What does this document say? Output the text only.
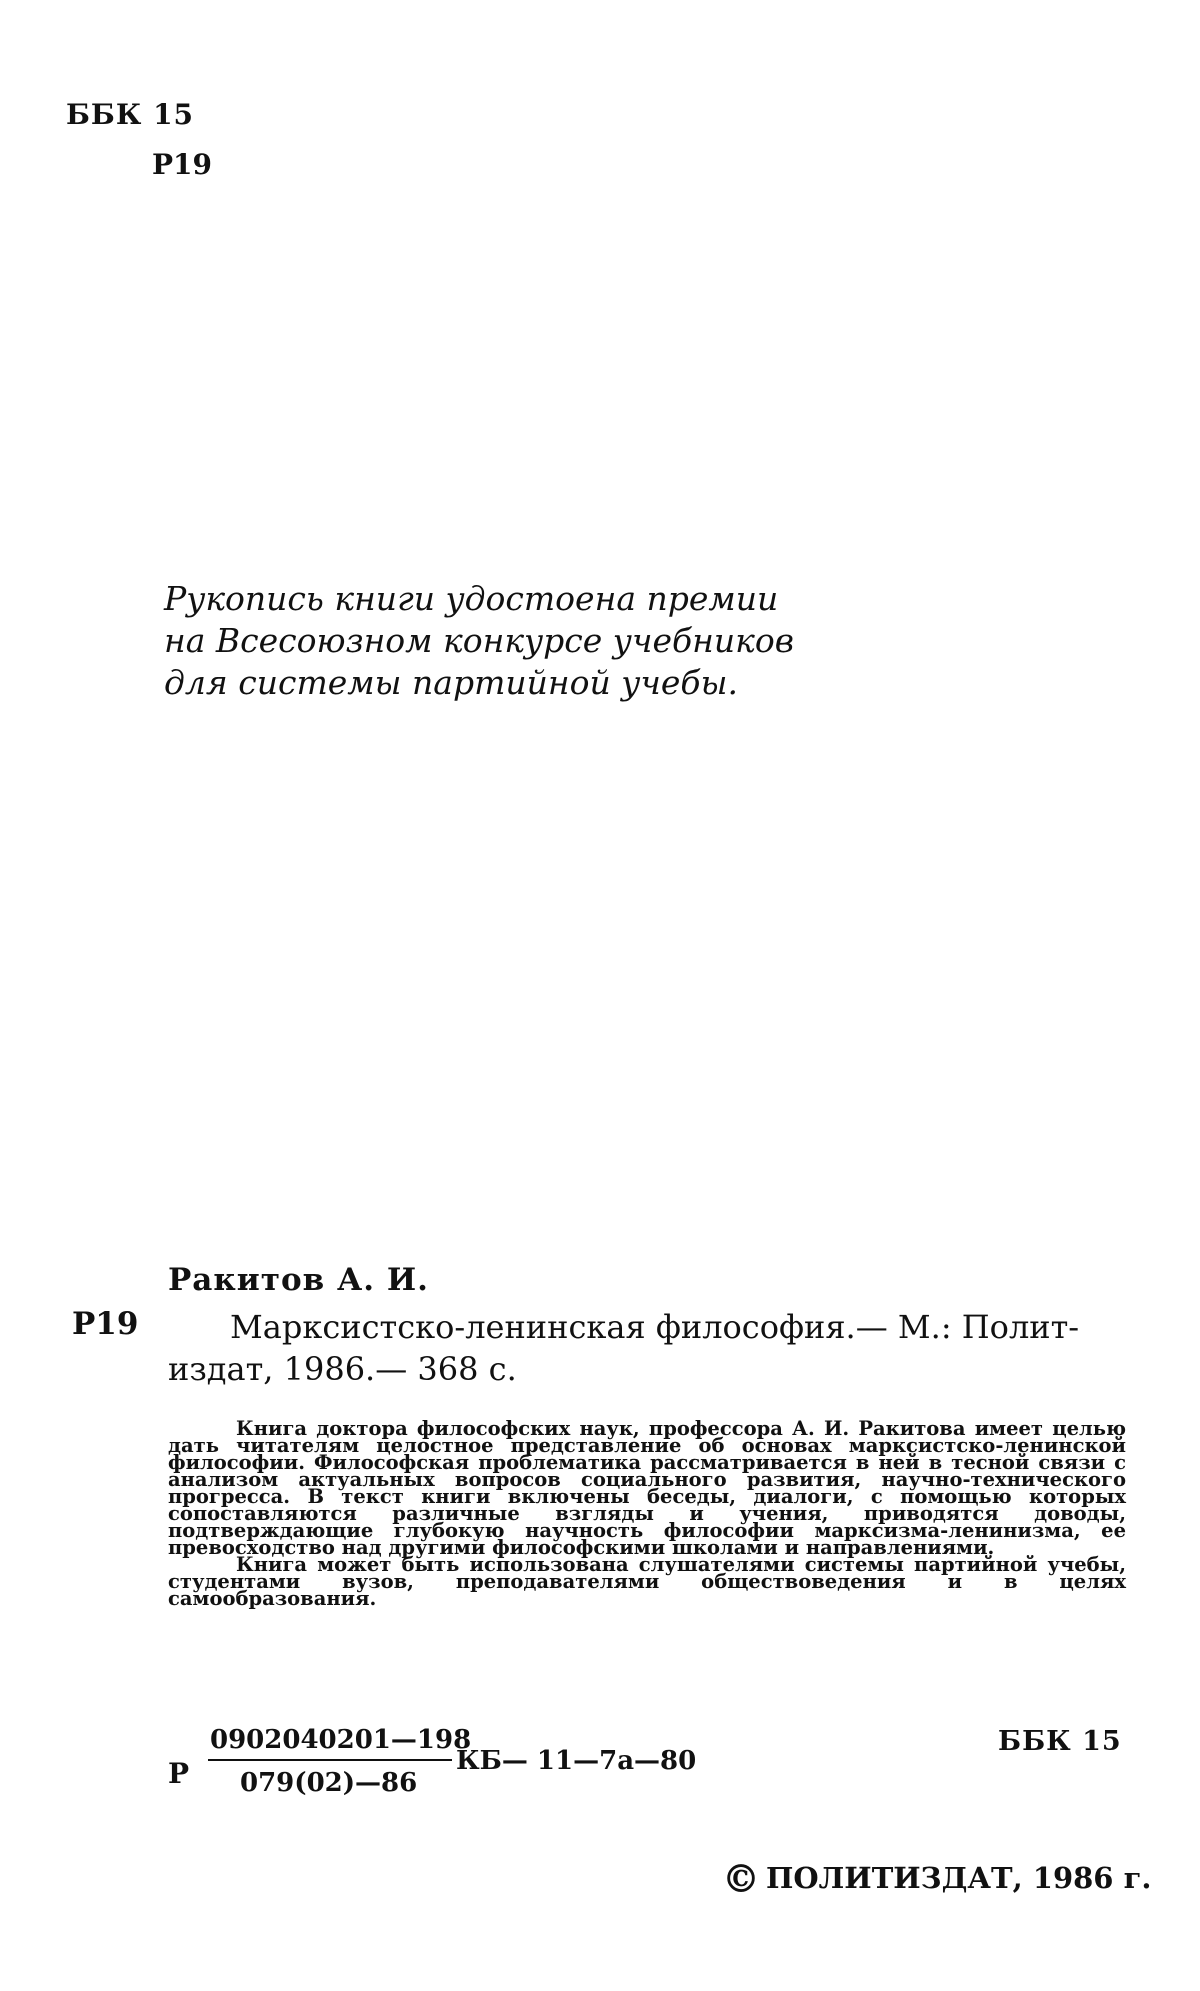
ББК 15
Р19
Рукопись книги удостоена премии
на Всесоюзном конкурсе учебников
для системы партийной учебы.
Ракитов А. И.
Р19	Марксистско-ленинская философия.— М.: Полит-
издат, 1986.— 368 с.

Книга доктора философских наук, профессора А. И. Ракитова имеет целью дать читателям целостное представление об основах марксистско-ленинской философии. Философская проблематика рассматривается в ней в тесной связи с анализом актуальных вопросов социального развития, научно-технического прогресса. В текст книги включены беседы, диалоги, с помощью которых сопоставляются различные взгляды и учения, приводятся доводы, подтверждающие глубокую научность философии марксизма-ленинизма, ее превосходство над другими философскими школами и направлениями.

Книга может быть использована слушателями системы партийной учебы, студентами вузов, преподавателями обществоведения и в целях самообразования.

Р
0902040201—198
079(02)—86
КБ— 11—7а—80
ББК 15
© ПОЛИТИЗДАТ, 1986 г.
